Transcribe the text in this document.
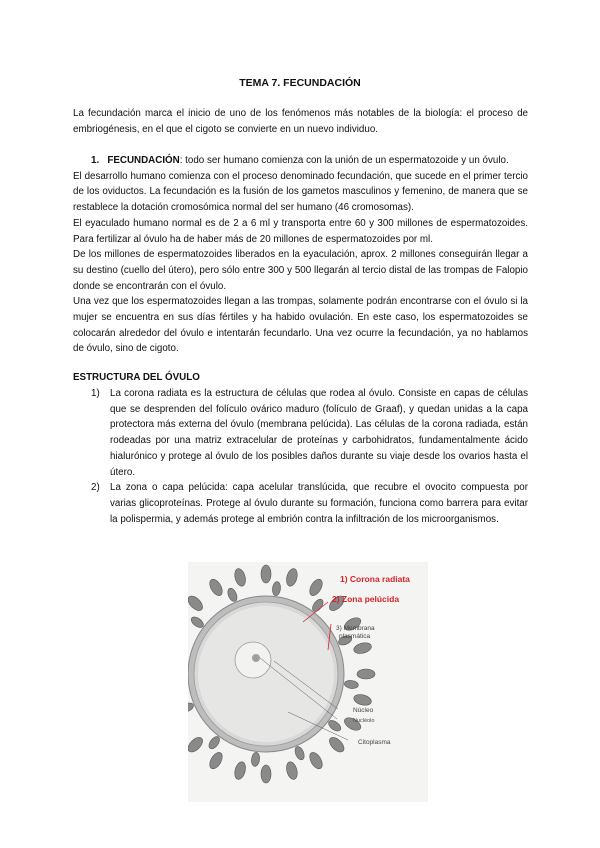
TEMA 7. FECUNDACIÓN

La fecundación marca el inicio de uno de los fenómenos más notables de la biología: el proceso de embriogénesis, en el que el cigoto se convierte en un nuevo individuo.

1. FECUNDACIÓN: todo ser humano comienza con la unión de un espermatozoide y un óvulo.

El desarrollo humano comienza con el proceso denominado fecundación, que sucede en el primer tercio de los oviductos. La fecundación es la fusión de los gametos masculinos y femenino, de manera que se restablece la dotación cromosómica normal del ser humano (46 cromosomas).

El eyaculado humano normal es de 2 a 6 ml y transporta entre 60 y 300 millones de espermatozoides. Para fertilizar al óvulo ha de haber más de 20 millones de espermatozoides por ml.

De los millones de espermatozoides liberados en la eyaculación, aprox. 2 millones conseguirán llegar a su destino (cuello del útero), pero sólo entre 300 y 500 llegarán al tercio distal de las trompas de Falopio donde se encontrarán con el óvulo.

Una vez que los espermatozoides llegan a las trompas, solamente podrán encontrarse con el óvulo si la mujer se encuentra en sus días fértiles y ha habido ovulación. En este caso, los espermatozoides se colocarán alrededor del óvulo e intentarán fecundarlo. Una vez ocurre la fecundación, ya no hablamos de óvulo, sino de cigoto.

ESTRUCTURA DEL ÓVULO
1) La corona radiata es la estructura de células que rodea al óvulo. Consiste en capas de células que se desprenden del folículo ovárico maduro (folículo de Graaf), y quedan unidas a la capa protectora más externa del óvulo (membrana pelúcida). Las células de la corona radiada, están rodeadas por una matriz extracelular de proteínas y carbohidratos, fundamentalmente ácido hialurónico y protege al óvulo de los posibles daños durante su viaje desde los ovarios hasta el útero.
2) La zona o capa pelúcida: capa acelular translúcida, que recubre el ovocito compuesta por varias glicoproteínas. Protege al óvulo durante su formación, funciona como barrera para evitar la polispermia, y además protege al embrión contra la infiltración de los microorganismos.
1) Corona radiata
2) Zona pelúcida
3) Membrana
plasmática
Núcleo
Nucléolo
Citoplasma
